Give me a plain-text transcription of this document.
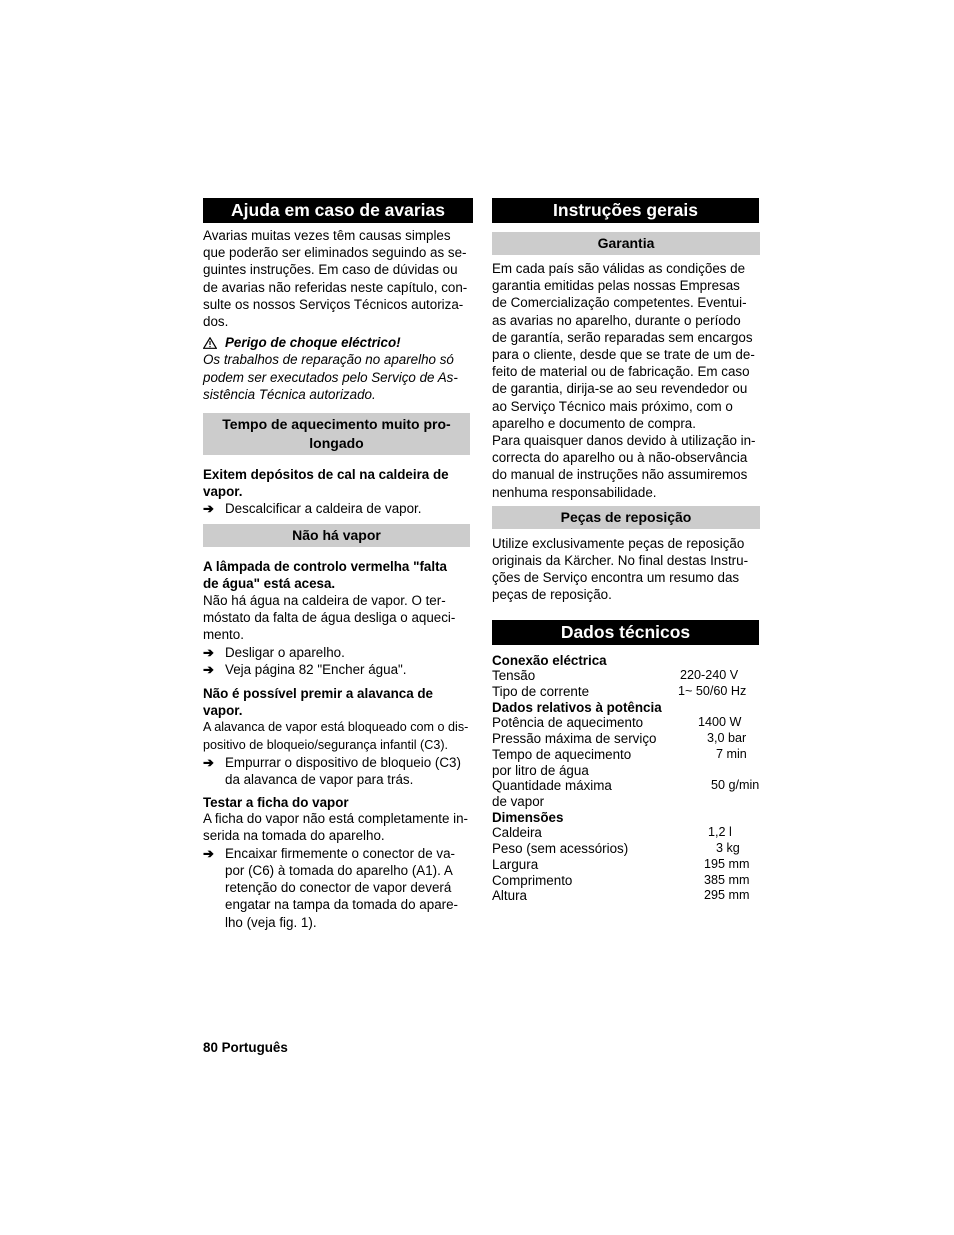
Ajuda em caso de avarias
Avarias muitas vezes têm causas simples
que poderão ser eliminados seguindo as se-
guintes instruções. Em caso de dúvidas ou
de avarias não referidas neste capítulo, con-
sulte os nossos Serviços Técnicos autoriza-
dos.
Perigo de choque eléctrico!
Os trabalhos de reparação no aparelho só
podem ser executados pelo Serviço de As-
sistência Técnica autorizado.
Tempo de aquecimento muito pro-
longado
Exitem depósitos de cal na caldeira de
vapor.
➔ Descalcificar a caldeira de vapor.
Não há vapor
A lâmpada de controlo vermelha "falta
de água" está acesa.
Não há água na caldeira de vapor. O ter-
móstato da falta de água desliga o aqueci-
mento.
➔ Desligar o aparelho.
➔ Veja página 82 "Encher água".
Não é possível premir a alavanca de
vapor.
A alavanca de vapor está bloqueado com o dis-
positivo de bloqueio/segurança infantil (C3).
➔ Empurrar o dispositivo de bloqueio (C3)
da alavanca de vapor para trás.
Testar a ficha do vapor
A ficha do vapor não está completamente in-
serida na tomada do aparelho.
➔ Encaixar firmemente o conector de va-
por (C6) à tomada do aparelho (A1). A
retenção do conector de vapor deverá
engatar na tampa da tomada do apare-
lho (veja fig. 1).
Instruções gerais
Garantia
Em cada país são válidas as condições de
garantia emitidas pelas nossas Empresas
de Comercialização competentes. Eventui-
as avarias no aparelho, durante o período
de garantía, serão reparadas sem encargos
para o cliente, desde que se trate de um de-
feito de material ou de fabricação. Em caso
de garantia, dirija-se ao seu revendedor ou
ao Serviço Técnico mais próximo, com o
aparelho e documento de compra.
Para quaisquer danos devido à utilização in-
correcta do aparelho ou à não-observância
do manual de instruções não assumiremos
nenhuma responsabilidade.
Peças de reposição
Utilize exclusivamente peças de reposição
originais da Kärcher. No final destas Instru-
ções de Serviço encontra um resumo das
peças de reposição.
Dados técnicos
Conexão eléctrica
Tensão	220-240 V
Tipo de corrente	1~ 50/60 Hz
Dados relativos à potência
Potência de aquecimento	1400 W
Pressão máxima de serviço	3,0 bar
Tempo de aquecimento	7 min
por litro de água
Quantidade máxima	50 g/min
de vapor
Dimensões
Caldeira	1,2 l
Peso (sem acessórios)	3 kg
Largura	195 mm
Comprimento	385 mm
Altura	295 mm
80 Português
